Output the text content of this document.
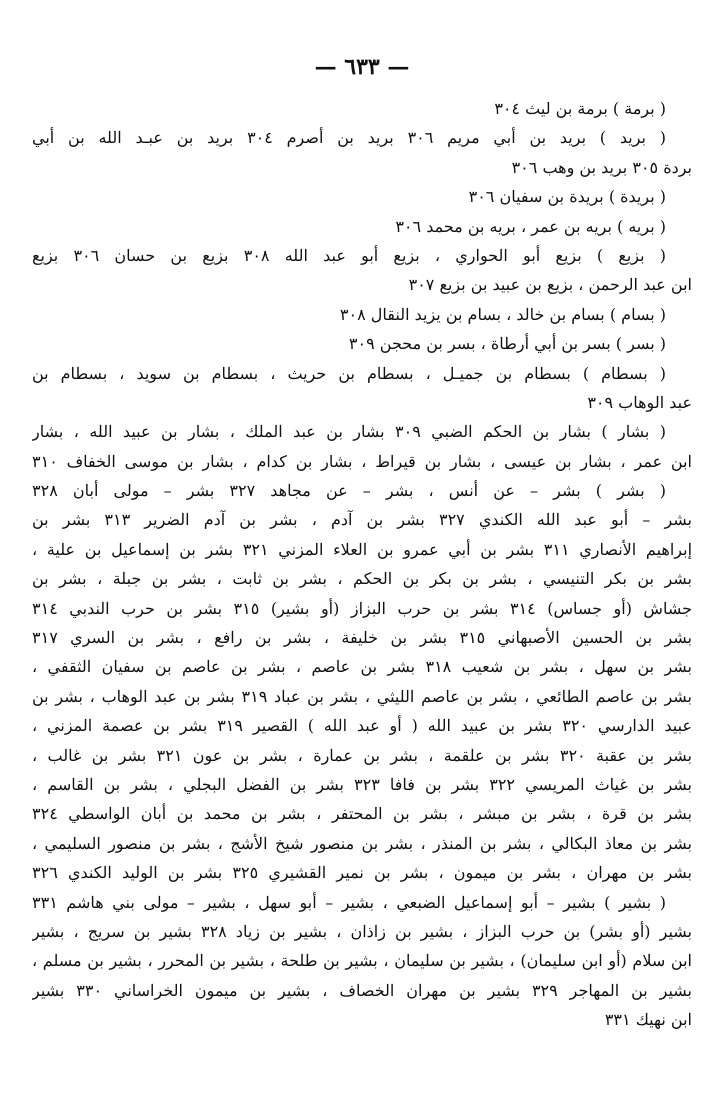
— ٦٣٣ —
( برمة ) برمة بن ليث ٣٠٤
( بريد ) بريد بن أبي مريم ٣٠٦ بريد بن أصرم ٣٠٤ بريد بن عبـد الله بن أبي
بردة ٣٠٥ بريد بن وهب ٣٠٦
( بريدة ) بريدة بن سفيان ٣٠٦
( بريه ) بريه بن عمر ، بريه بن محمد ٣٠٦
( بزيع ) بزيع أبو الحواري ، بزيع أبو عبد الله ٣٠٨ بزيع بن حسان ٣٠٦ بزيع
ابن عبد الرحمن ، بزيع بن عبيد بن بزيع ٣٠٧
( بسام ) بسام بن خالد ، بسام بن يزيد النقال ٣٠٨
( بسر ) بسر بن أبي أرطاة ، بسر بن محجن ٣٠٩
( بسطام ) بسطام بن جميـل ، بسطام بن حريث ، بسطام بن سويد ، بسطام بن
عبد الوهاب ٣٠٩
( بشار ) بشار بن الحكم الضبي ٣٠٩ بشار بن عبد الملك ، بشار بن عبيد الله ، بشار
ابن عمر ، بشار بن عيسى ، بشار بن قيراط ، بشار بن كدام ، بشار بن موسى الخفاف ٣١٠
( بشر ) بشر – عن أنس ، بشر – عن مجاهد ٣٢٧ بشر – مولى أبان ٣٢٨
بشر – أبو عبد الله الكندي ٣٢٧ بشر بن آدم ، بشر بن آدم الضرير ٣١٣ بشر بن
إبراهيم الأنصاري ٣١١ بشر بن أبي عمرو بن العلاء المزني ٣٢١ بشر بن إسماعيل بن علية ،
بشر بن بكر التنيسي ، بشر بن بكر بن الحكم ، بشر بن ثابت ، بشر بن جبلة ، بشر بن
جشاش (أو جساس) ٣١٤ بشر بن حرب البزاز (أو بشير) ٣١٥ بشر بن حرب الندبي ٣١٤
بشر بن الحسين الأصبهاني ٣١٥ بشر بن خليفة ، بشر بن رافع ، بشر بن السري ٣١٧
بشر بن سهل ، بشر بن شعيب ٣١٨ بشر بن عاصم ، بشر بن عاصم بن سفيان الثقفي ،
بشر بن عاصم الطائعي ، بشر بن عاصم الليثي ، بشر بن عباد ٣١٩ بشر بن عبد الوهاب ، بشر بن
عبيد الدارسي ٣٢٠ بشر بن عبيد الله ( أو عبد الله ) القصير ٣١٩ بشر بن عصمة المزني ،
بشر بن عقبة ٣٢٠ بشر بن علقمة ، بشر بن عمارة ، بشر بن عون ٣٢١ بشر بن غالب ،
بشر بن غياث المريسي ٣٢٢ بشر بن فافا ٣٢٣ بشر بن الفضل البجلي ، بشر بن القاسم ،
بشر بن قرة ، بشر بن مبشر ، بشر بن المحتفر ، بشر بن محمد بن أبان الواسطي ٣٢٤
بشر بن معاذ البكالي ، بشر بن المنذر ، بشر بن منصور شيخ الأشج ، بشر بن منصور السليمي ،
بشر بن مهران ، بشر بن ميمون ، بشر بن نمير القشيري ٣٢٥ بشر بن الوليد الكندي ٣٢٦
( بشير ) بشير – أبو إسماعيل الضبعي ، بشير – أبو سهل ، بشير – مولى بني هاشم ٣٣١
بشير (أو بشر) بن حرب البزاز ، بشير بن زاذان ، بشير بن زياد ٣٢٨ بشير بن سريج ، بشير
ابن سلام (أو ابن سليمان) ، بشير بن سليمان ، بشير بن طلحة ، بشير بن المحرر ، بشير بن مسلم ،
بشير بن المهاجر ٣٢٩ بشير بن مهران الخصاف ، بشير بن ميمون الخراساني ٣٣٠ بشير
ابن نهيك ٣٣١
